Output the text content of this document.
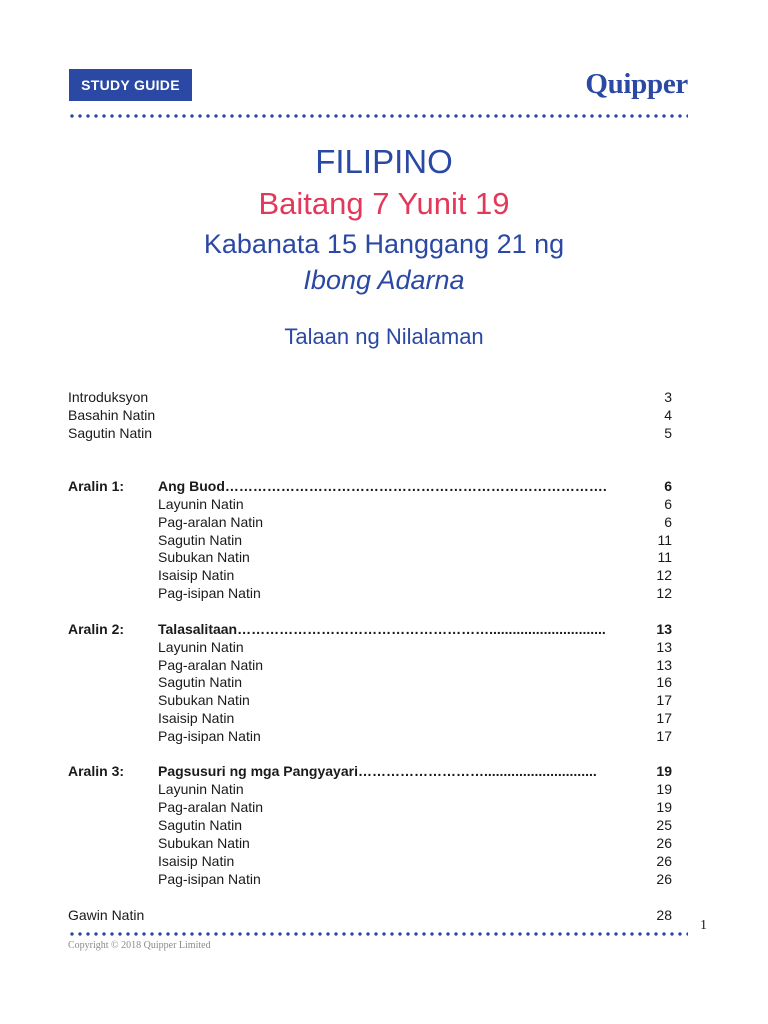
STUDY GUIDE	Quipper
FILIPINO
Baitang 7 Yunit 19
Kabanata 15 Hanggang 21 ng
Ibong Adarna
Talaan ng Nilalaman
Introduksyon	3
Basahin Natin	4
Sagutin Natin	5
Aralin 1: Ang Buod……………………………………………………………………….	6
Layunin Natin	6
Pag-aralan Natin	6
Sagutin Natin	11
Subukan Natin	11
Isaisip Natin	12
Pag-isipan Natin	12
Aralin 2: Talasalitaan………………………………………………..............................	13
Layunin Natin	13
Pag-aralan Natin	13
Sagutin Natin	16
Subukan Natin	17
Isaisip Natin	17
Pag-isipan Natin	17
Aralin 3: Pagsusuri ng mga Pangyayari……………………….............................	19
Layunin Natin	19
Pag-aralan Natin	19
Sagutin Natin	25
Subukan Natin	26
Isaisip Natin	26
Pag-isipan Natin	26
Gawin Natin	28
Copyright © 2018 Quipper Limited
1
